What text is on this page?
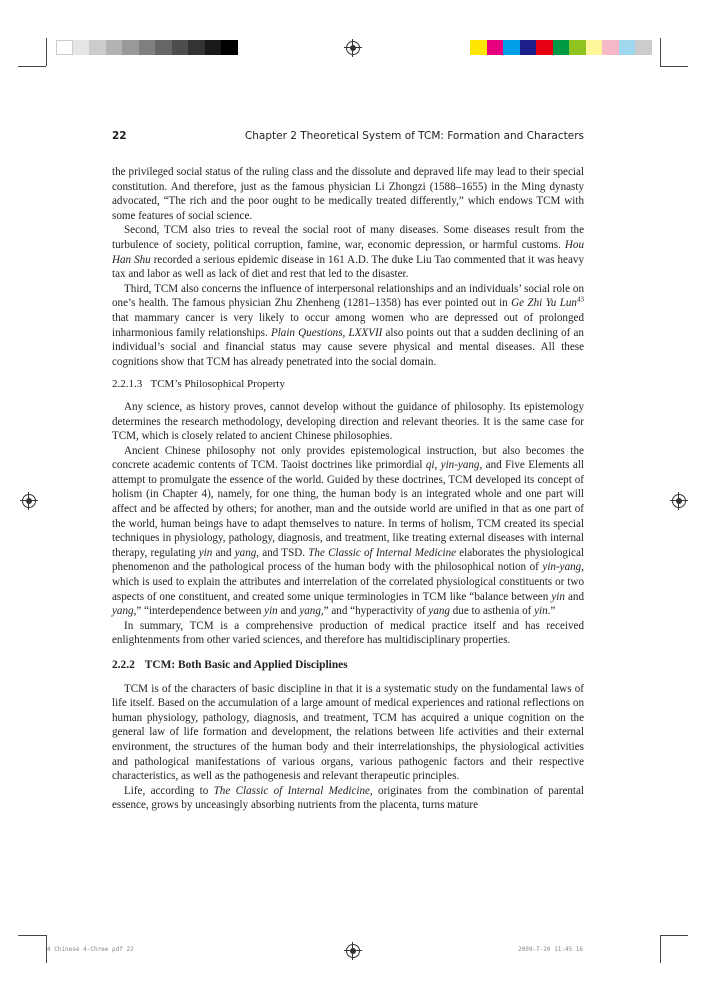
22	Chapter 2 Theoretical System of TCM: Formation and Characters

the privileged social status of the ruling class and the dissolute and depraved life may lead to their special constitution. And therefore, just as the famous physician Li Zhongzi (1588–1655) in the Ming dynasty advocated, “The rich and the poor ought to be medically treated differently,” which endows TCM with some features of social science.

Second, TCM also tries to reveal the social root of many diseases. Some diseases result from the turbulence of society, political corruption, famine, war, economic depression, or harmful customs. Hou Han Shu recorded a serious epidemic disease in 161 A.D. The duke Liu Tao commented that it was heavy tax and labor as well as lack of diet and rest that led to the disaster.

Third, TCM also concerns the influence of interpersonal relationships and an individuals’ social role on one’s health. The famous physician Zhu Zhenheng (1281–1358) has ever pointed out in Ge Zhi Yu Lun$^{43}$ that mammary cancer is very likely to occur among women who are depressed out of prolonged inharmonious family relationships. Plain Questions, LXXVII also points out that a sudden declining of an individual’s social and financial status may cause severe physical and mental diseases. All these cognitions show that TCM has already penetrated into the social domain.

2.2.1.3 TCM’s Philosophical Property

Any science, as history proves, cannot develop without the guidance of philosophy. Its epistemology determines the research methodology, developing direction and relevant theories. It is the same case for TCM, which is closely related to ancient Chinese philosophies.

Ancient Chinese philosophy not only provides epistemological instruction, but also becomes the concrete academic contents of TCM. Taoist doctrines like primordial qi, yin-yang, and Five Elements all attempt to promulgate the essence of the world. Guided by these doctrines, TCM developed its concept of holism (in Chapter 4), namely, for one thing, the human body is an integrated whole and one part will affect and be affected by others; for another, man and the outside world are unified in that as one part of the world, human beings have to adapt themselves to nature. In terms of holism, TCM created its special techniques in physiology, pathology, diagnosis, and treatment, like treating external diseases with internal therapy, regulating yin and yang, and TSD. The Classic of Internal Medicine elaborates the physiological phenomenon and the pathological process of the human body with the philosophical notion of yin-yang, which is used to explain the attributes and interrelation of the correlated physiological constituents or two aspects of one constituent, and created some unique terminologies in TCM like “balance between yin and yang,” “interdependence between yin and yang,” and “hyperactivity of yang due to asthenia of yin.”

In summary, TCM is a comprehensive production of medical practice itself and has received enlightenments from other varied sciences, and therefore has multidisciplinary properties.

2.2.2 TCM: Both Basic and Applied Disciplines

TCM is of the characters of basic discipline in that it is a systematic study on the fundamental laws of life itself. Based on the accumulation of a large amount of medical experiences and rational reflections on human physiology, pathology, diagnosis, and treatment, TCM has acquired a unique cognition on the general law of life formation and development, the relations between life activities and their external environment, the structures of the human body and their interrelationships, the physiological activities and pathological manifestations of various organs, various pathogenic factors and their respective characteristics, as well as the pathogenesis and relevant therapeutic principles.

Life, according to The Classic of Internal Medicine, originates from the combination of parental essence, grows by unceasingly absorbing nutrients from the placenta, turns mature

4 Chinese 4-Chree pdf 22	2009-7-20 11:45 16
